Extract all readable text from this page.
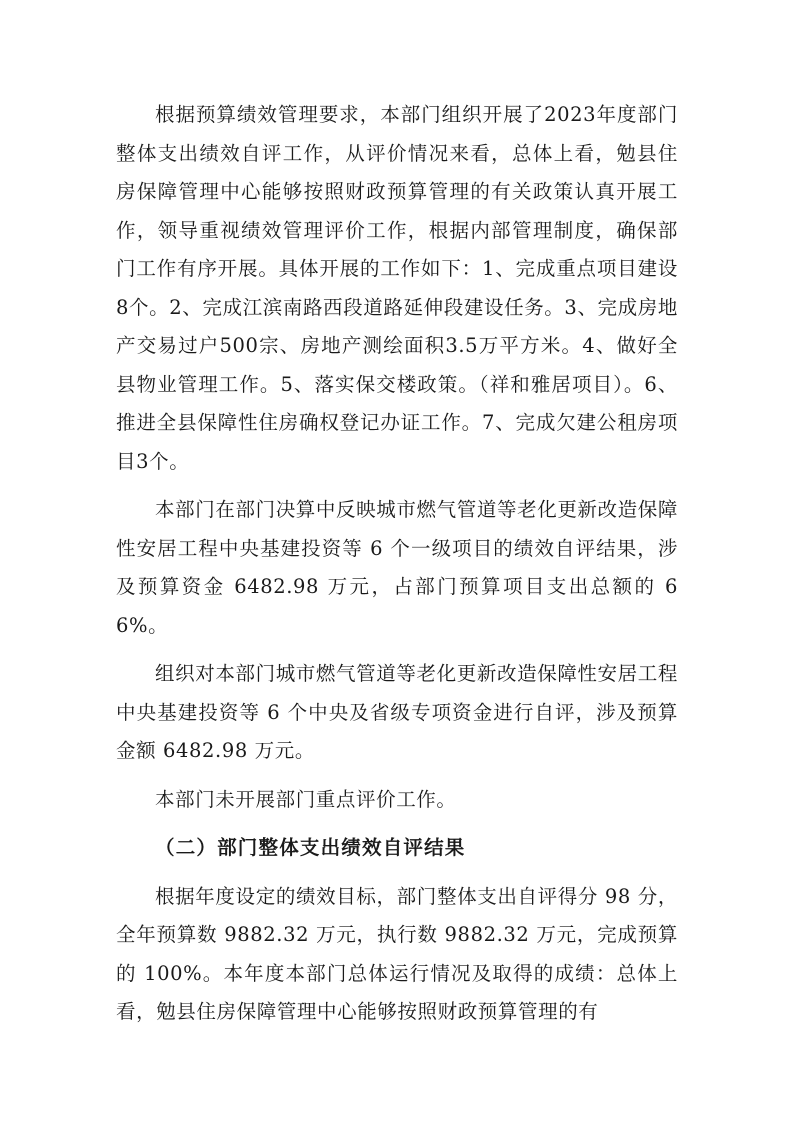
根据预算绩效管理要求，本部门组织开展了2023年度部门整体支出绩效自评工作，从评价情况来看，总体上看，勉县住房保障管理中心能够按照财政预算管理的有关政策认真开展工作，领导重视绩效管理评价工作，根据内部管理制度，确保部门工作有序开展。具体开展的工作如下：1、完成重点项目建设8个。2、完成江滨南路西段道路延伸段建设任务。3、完成房地产交易过户500宗、房地产测绘面积3.5万平方米。4、做好全县物业管理工作。5、落实保交楼政策。（祥和雅居项目）。6、推进全县保障性住房确权登记办证工作。7、完成欠建公租房项目3个。

本部门在部门决算中反映城市燃气管道等老化更新改造保障性安居工程中央基建投资等 6 个一级项目的绩效自评结果，涉及预算资金 6482.98 万元，占部门预算项目支出总额的 66%。

组织对本部门城市燃气管道等老化更新改造保障性安居工程中央基建投资等 6 个中央及省级专项资金进行自评，涉及预算金额 6482.98 万元。

本部门未开展部门重点评价工作。

（二）部门整体支出绩效自评结果

根据年度设定的绩效目标，部门整体支出自评得分 98 分，全年预算数 9882.32 万元，执行数 9882.32 万元，完成预算的 100%。本年度本部门总体运行情况及取得的成绩：总体上看，勉县住房保障管理中心能够按照财政预算管理的有
